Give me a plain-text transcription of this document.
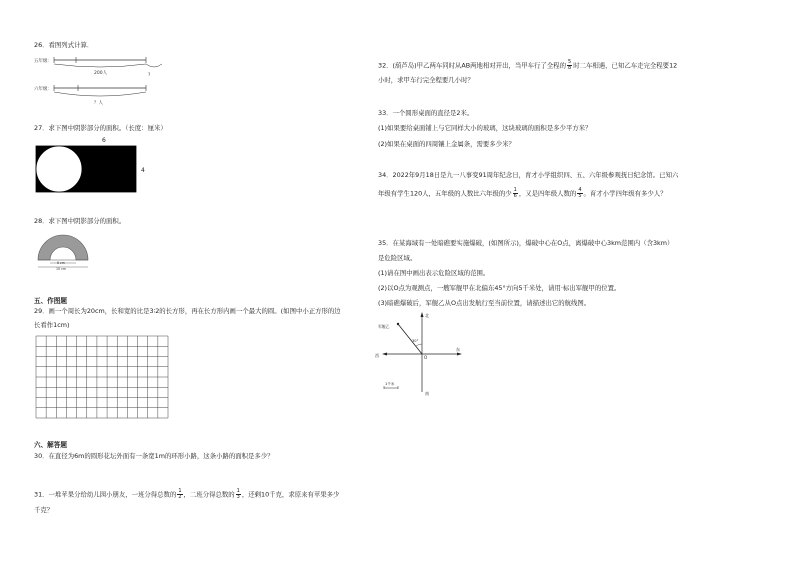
26．看图列式计算．
五年级：
200人	?
六年级：
？人
27．求下图中阴影部分的面积。（长度：厘米）
6
4
28．求下图中阴影部分的面积。
6 cm
10 cm
五、作图题
29．画一个周长为20cm，长和宽的比是3∶2的长方形，再在长方形内画一个最大的圆。(如图中小正方形的边
长看作1cm)
六、解答题
30．在直径为6m的圆形花坛外面有一条宽1m的环形小路，这条小路的面积是多少？
31．一堆苹果分给幼儿园小朋友，一班分得总数的 $\frac{1}{2}$ ，二班分得总数的 $\frac{1}{3}$ ，还剩10千克，求原来有苹果多少
千克？
32．(葫芦岛)甲乙两车同时从AB两地相对开出，当甲车行了全程的 $\frac{5}{8}$ 时二车相遇，已知乙车走完全程要12
小时，求甲车行完全程要几小时？
33．一个圆形桌面的直径是2米。
(1)如果要给桌面铺上与它同样大小的玻璃，这块玻璃的面积是多少平方米？
(2)如果在桌面的四周镶上金属条，需要多少米？
34．2022年9月18日是九一八事变91周年纪念日，育才小学组织四、五、六年级参观抚日纪念馆。已知六
年级有学生120人，五年级的人数比六年级的少 $\frac{1}{6}$ ，又是四年级人数的 $\frac{4}{5}$ 。育才小学四年级有多少人？
35．在某海域有一处暗礁要实施爆破，(如图所示)，爆破中心在O点，离爆破中心3km范围内（含3km）
是危险区域。
(1)请在图中画出表示危险区域的范围。
(2)以O点为观测点，一艘军舰甲在北偏东45°方向5千米处，请用·标出军舰甲的位置。
(3)暗礁爆破后，军舰乙从O点出发航行至当前位置，请描述出它的航线图。
北
南
西
东
军舰乙
30°
O
1千米
